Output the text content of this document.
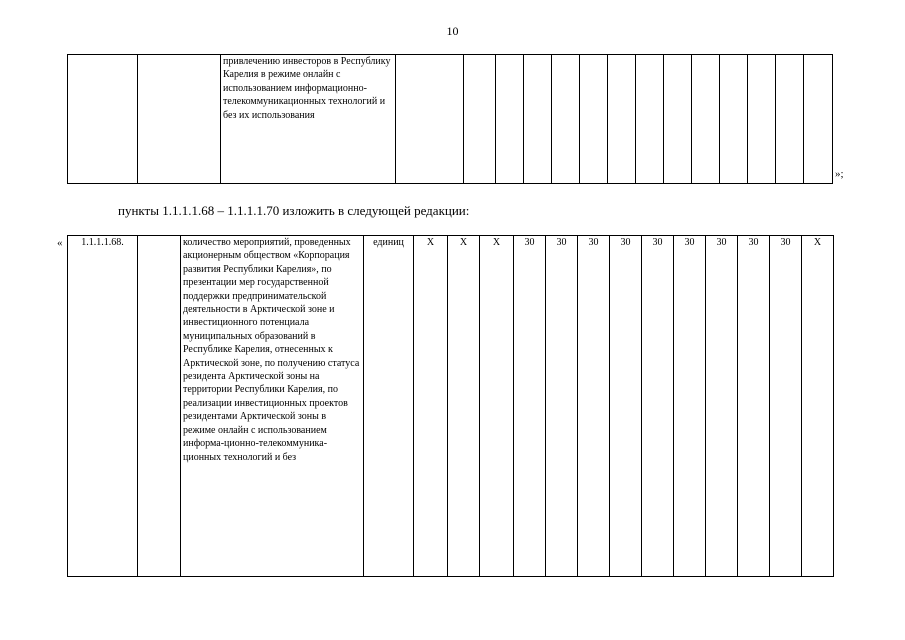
10
		привлечению инвесторов в Республику Карелия в режиме онлайн с использованием информационно-телекоммуникационных технологий и без их использования														
»;
пункты 1.1.1.1.68 – 1.1.1.1.70 изложить в следующей редакции:
« 1.1.1.1.68.		количество мероприятий, проведенных акционерным обществом «Корпорация развития Республики Карелия», по презентации мер государственной поддержки предпринимательской деятельности в Арктической зоне и инвестиционного потенциала муниципальных образований в Республике Карелия, отнесенных к Арктической зоне, по получению статуса резидента Арктической зоны на территории Республики Карелия, по реализации инвестиционных проектов резидентами Арктической зоны в режиме онлайн с использованием информа-ционно-телекоммуника-ционных технологий и без	единиц	X	X	X	30	30	30	30	30	30	30	30	30	X
